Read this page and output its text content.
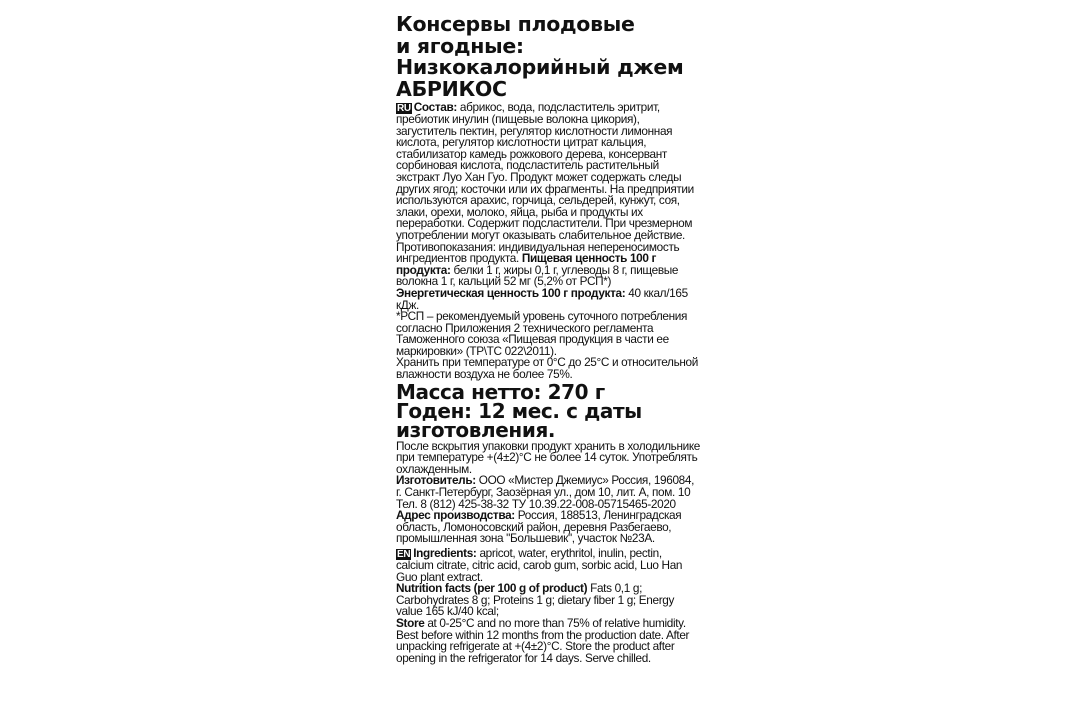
Консервы плодовые
и ягодные:
Низкокалорийный джем
АБРИКОС

RU Состав: абрикос, вода, подсластитель эритрит, пребиотик инулин (пищевые волокна цикория), загуститель пектин, регулятор кислотности лимонная кислота, регулятор кислотности цитрат кальция, стабилизатор камедь рожкового дерева, консервант сорбиновая кислота, подсластитель растительный экстракт Луо Хан Гуо. Продукт может содержать следы других ягод; косточки или их фрагменты. На предприятии используются арахис, горчица, сельдерей, кунжут, соя, злаки, орехи, молоко, яйца, рыба и продукты их переработки. Содержит подсластители. При чрезмерном употреблении могут оказывать слабительное действие. Противопоказания: индивидуальная непереносимость ингредиентов продукта. Пищевая ценность 100 г продукта: белки 1 г, жиры 0,1 г, углеводы 8 г, пищевые волокна 1 г, кальций 52 мг (5,2% от РСП*) Энергетическая ценность 100 г продукта: 40 ккал/165 кДж.

*РСП – рекомендуемый уровень суточного потребления согласно Приложения 2 технического регламента Таможенного союза «Пищевая продукция в части ее маркировки» (ТР\ТС 022\2011).

Хранить при температуре от 0°C до 25°C и относительной влажности воздуха не более 75%.

Масса нетто: 270 г
Годен: 12 мес. с даты
изготовления.

После вскрытия упаковки продукт хранить в холодильнике при температуре +(4±2)°C не более 14 суток. Употреблять охлажденным.

Изготовитель: ООО «Мистер Джемиус» Россия, 196084, г. Санкт-Петербург, Заозёрная ул., дом 10, лит. А, пом. 10 Тел. 8 (812) 425-38-32 ТУ 10.39.22-008-05715465-2020

Адрес производства: Россия, 188513, Ленинградская область, Ломоносовский район, деревня Разбегаево, промышленная зона "Большевик", участок №23А.

EN Ingredients: apricot, water, erythritol, inulin, pectin, calcium citrate, citric acid, carob gum, sorbic acid, Luo Han Guo plant extract.

Nutrition facts (per 100 g of product) Fats 0,1 g; Carbohydrates 8 g; Proteins 1 g; dietary fiber 1 g; Energy value 165 kJ/40 kcal;

Store at 0-25°C and no more than 75% of relative humidity. Best before within 12 months from the production date. After unpacking refrigerate at +(4±2)°C. Store the product after opening in the refrigerator for 14 days. Serve chilled.
